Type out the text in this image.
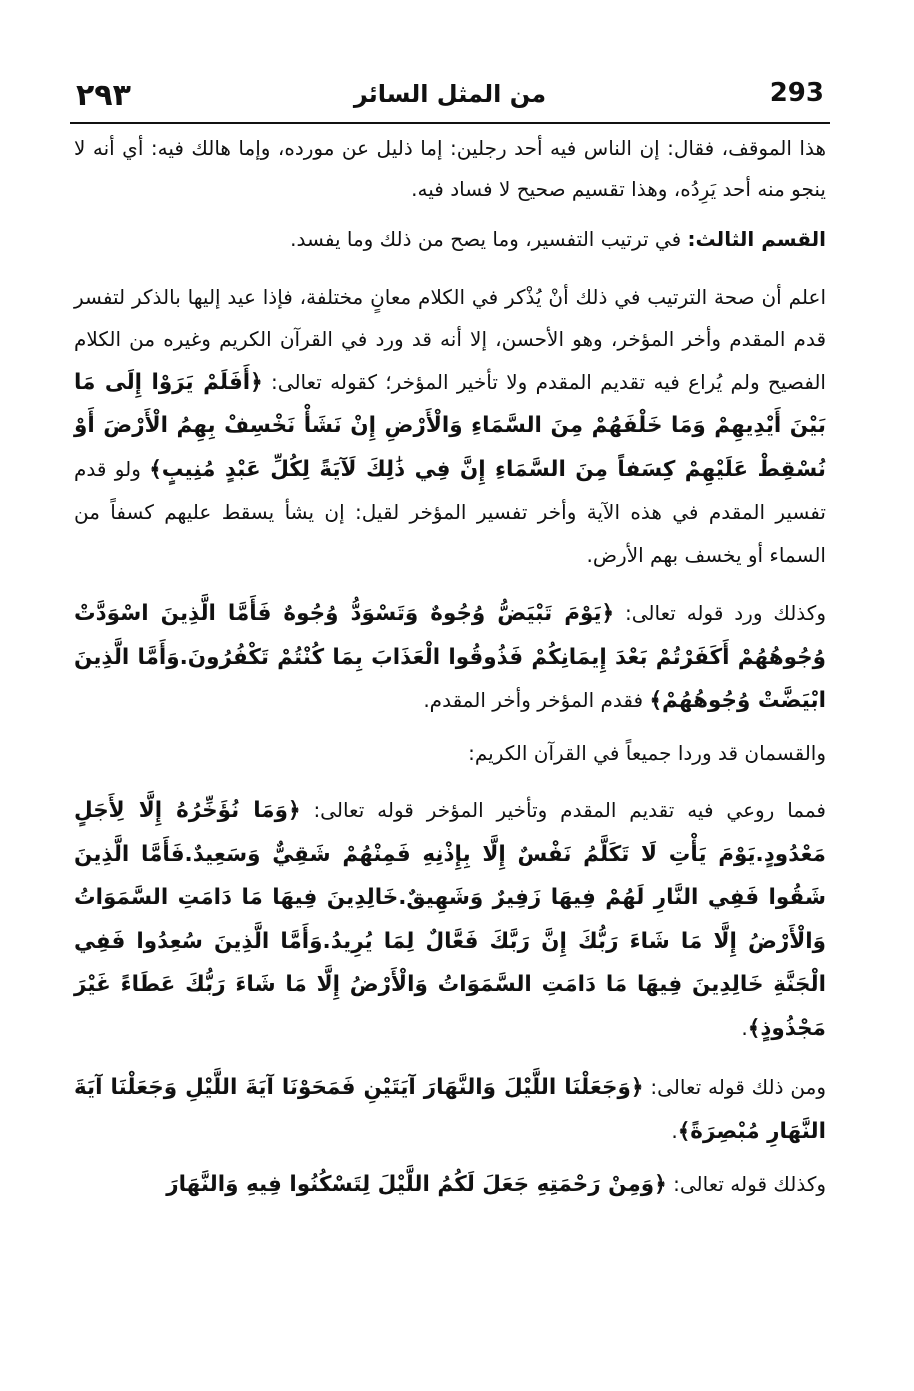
٢٩٣	من المثل السائر	293

هذا الموقف، فقال: إن الناس فيه أحد رجلين: إما ذليل عن مورده، وإما هالك فيه: أي أنه لا ينجو منه أحد يَرِدُه، وهذا تقسيم صحيح لا فساد فيه.

القسم الثالث: في ترتيب التفسير، وما يصح من ذلك وما يفسد.

اعلم أن صحة الترتيب في ذلك أنْ يُذْكر في الكلام معانٍ مختلفة، فإذا عيد إليها بالذكر لتفسر قدم المقدم وأخر المؤخر، وهو الأحسن، إلا أنه قد ورد في القرآن الكريم وغيره من الكلام الفصيح ولم يُراع فيه تقديم المقدم ولا تأخير المؤخر؛ كقوله تعالى: ﴿أَفَلَمْ يَرَوْا إِلَى مَا بَيْنَ أَيْدِيهِمْ وَمَا خَلْفَهُمْ مِنَ السَّمَاءِ وَالْأَرْضِ إِنْ نَشَأْ نَخْسِفْ بِهِمُ الْأَرْضَ أَوْ نُسْقِطْ عَلَيْهِمْ كِسَفاً مِنَ السَّمَاءِ إِنَّ فِي ذَٰلِكَ لَآيَةً لِكُلِّ عَبْدٍ مُنِيبٍ﴾ ولو قدم تفسير المقدم في هذه الآية وأخر تفسير المؤخر لقيل: إن يشأ يسقط عليهم كسفاً من السماء أو يخسف بهم الأرض.

وكذلك ورد قوله تعالى: ﴿يَوْمَ تَبْيَضُّ وُجُوهٌ وَتَسْوَدُّ وُجُوهٌ فَأَمَّا الَّذِينَ اسْوَدَّتْ وُجُوهُهُمْ أَكَفَرْتُمْ بَعْدَ إِيمَانِكُمْ فَذُوقُوا الْعَذَابَ بِمَا كُنْتُمْ تَكْفُرُونَ.وَأَمَّا الَّذِينَ ابْيَضَّتْ وُجُوهُهُمْ﴾ فقدم المؤخر وأخر المقدم.

والقسمان قد وردا جميعاً في القرآن الكريم:

فمما روعي فيه تقديم المقدم وتأخير المؤخر قوله تعالى: ﴿وَمَا نُؤَخِّرُهُ إِلَّا لِأَجَلٍ مَعْدُودٍ.يَوْمَ يَأْتِ لَا تَكَلَّمُ نَفْسٌ إِلَّا بِإِذْنِهِ فَمِنْهُمْ شَقِيٌّ وَسَعِيدٌ.فَأَمَّا الَّذِينَ شَقُوا فَفِي النَّارِ لَهُمْ فِيهَا زَفِيرٌ وَشَهِيقٌ.خَالِدِينَ فِيهَا مَا دَامَتِ السَّمَوَاتُ وَالْأَرْضُ إِلَّا مَا شَاءَ رَبُّكَ إِنَّ رَبَّكَ فَعَّالٌ لِمَا يُرِيدُ.وَأَمَّا الَّذِينَ سُعِدُوا فَفِي الْجَنَّةِ خَالِدِينَ فِيهَا مَا دَامَتِ السَّمَوَاتُ وَالْأَرْضُ إِلَّا مَا شَاءَ رَبُّكَ عَطَاءً غَيْرَ مَجْذُوذٍ﴾.

ومن ذلك قوله تعالى: ﴿وَجَعَلْنَا اللَّيْلَ وَالنَّهَارَ آيَتَيْنِ فَمَحَوْنَا آيَةَ اللَّيْلِ وَجَعَلْنَا آيَةَ النَّهَارِ مُبْصِرَةً﴾.

وكذلك قوله تعالى: ﴿وَمِنْ رَحْمَتِهِ جَعَلَ لَكُمُ اللَّيْلَ لِتَسْكُنُوا فِيهِ وَالنَّهَارَ
